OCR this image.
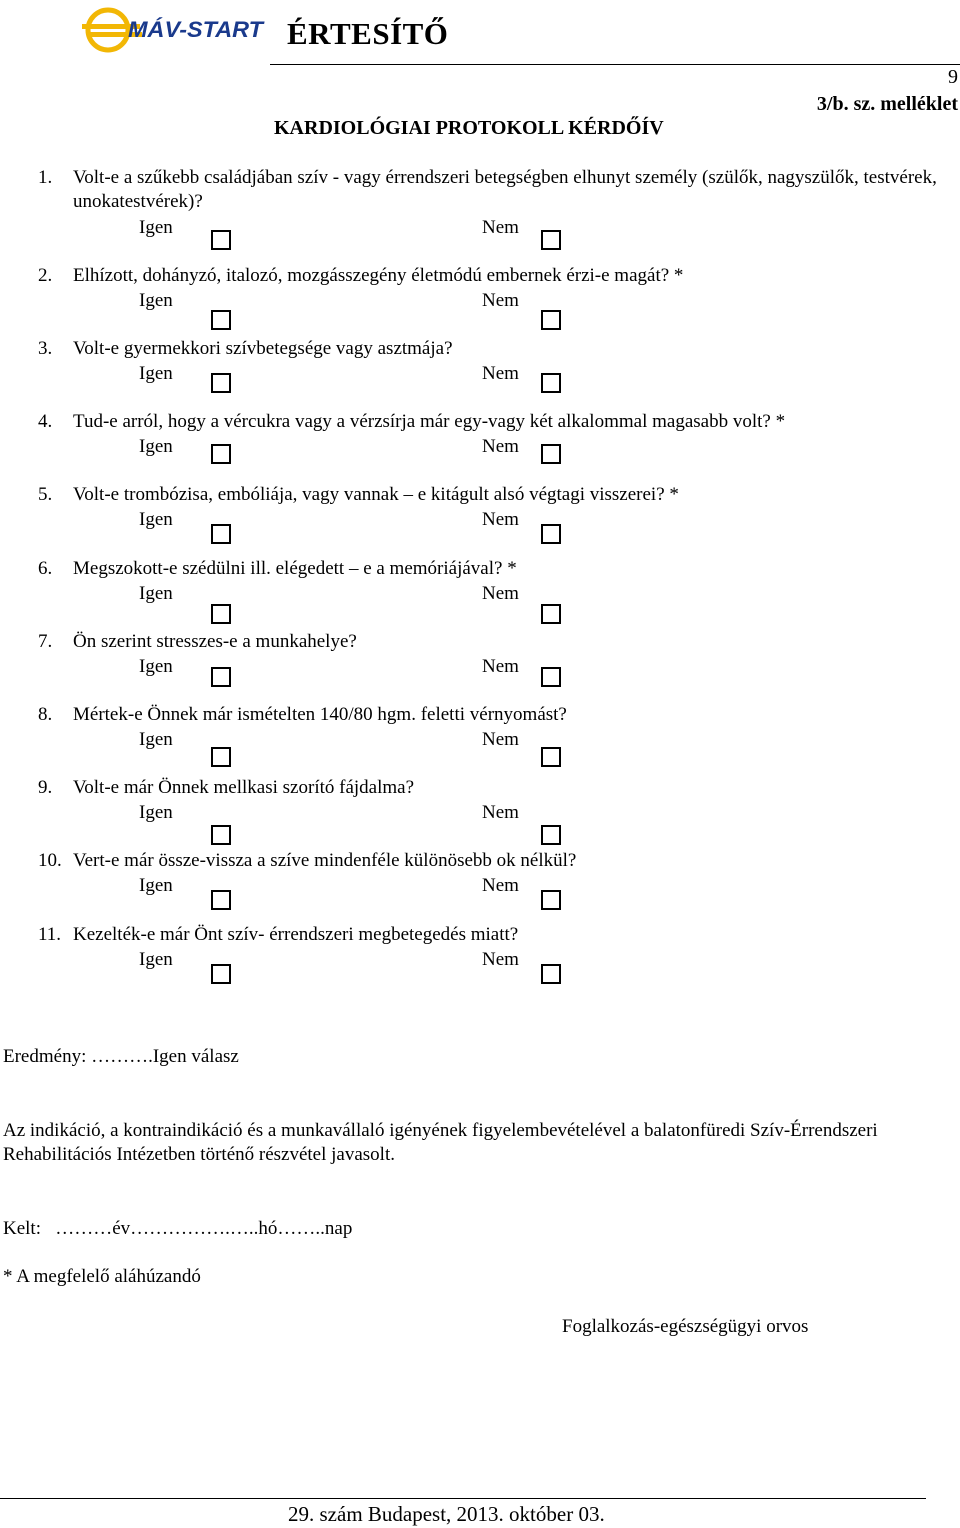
MÁV-START ÉRTESÍTŐ
9
3/b. sz. melléklet
KARDIOLÓGIAI PROTOKOLL KÉRDŐÍV
1. Volt-e a szűkebb családjában szív - vagy érrendszeri betegségben elhunyt személy (szülők, nagyszülők, testvérek, unokatestvérek)?
Igen	Nem
2. Elhízott, dohányzó, italozó, mozgásszegény életmódú embernek érzi-e magát? *
Igen	Nem
3. Volt-e gyermekkori szívbetegsége vagy asztmája?
Igen	Nem
4. Tud-e arról, hogy a vércukra vagy a vérzsírja már egy-vagy két alkalommal magasabb volt? *
Igen	Nem
5. Volt-e trombózisa, embóliája, vagy vannak – e kitágult alsó végtagi visszerei? *
Igen	Nem
6. Megszokott-e szédülni ill. elégedett – e a memóriájával? *
Igen	Nem
7. Ön szerint stresszes-e a munkahelye?
Igen	Nem
8. Mértek-e Önnek már ismételten 140/80 hgm. feletti vérnyomást?
Igen	Nem
9. Volt-e már Önnek mellkasi szorító fájdalma?
Igen	Nem
10. Vert-e már össze-vissza a szíve mindenféle különösebb ok nélkül?
Igen	Nem
11. Kezelték-e már Önt szív- érrendszeri megbetegedés miatt?
Igen	Nem
Eredmény: ……….Igen válasz
Az indikáció, a kontraindikáció és a munkavállaló igényének figyelembevételével a balatonfüredi Szív-Érrendszeri Rehabilitációs Intézetben történő részvétel javasolt.
Kelt:   ………év…………….…..hó……..nap
* A megfelelő aláhúzandó
Foglalkozás-egészségügyi orvos
29. szám Budapest, 2013. október 03.
